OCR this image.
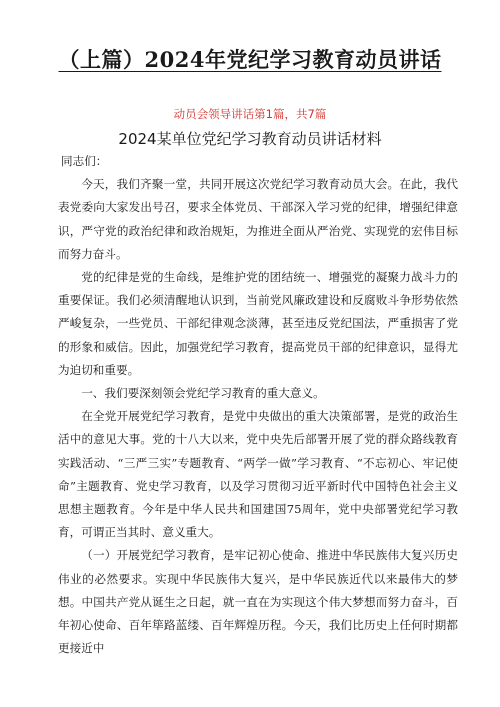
（上篇）2024年党纪学习教育动员讲话
动员会领导讲话第1篇，共7篇
2024某单位党纪学习教育动员讲话材料

同志们：

今天，我们齐聚一堂，共同开展这次党纪学习教育动员大会。在此，我代表党委向大家发出号召，要求全体党员、干部深入学习党的纪律，增强纪律意识，严守党的政治纪律和政治规矩，为推进全面从严治党、实现党的宏伟目标而努力奋斗。

党的纪律是党的生命线，是维护党的团结统一、增强党的凝聚力战斗力的重要保证。我们必须清醒地认识到，当前党风廉政建设和反腐败斗争形势依然严峻复杂，一些党员、干部纪律观念淡薄，甚至违反党纪国法，严重损害了党的形象和威信。因此，加强党纪学习教育，提高党员干部的纪律意识，显得尤为迫切和重要。

一、我们要深刻领会党纪学习教育的重大意义。

在全党开展党纪学习教育，是党中央做出的重大决策部署，是党的政治生活中的意见大事。党的十八大以来，党中央先后部署开展了党的群众路线教育实践活动、“三严三实”专题教育、“两学一做”学习教育、“不忘初心、牢记使命”主题教育、党史学习教育，以及学习贯彻习近平新时代中国特色社会主义思想主题教育。今年是中华人民共和国建国75周年，党中央部署党纪学习教育，可谓正当其时、意义重大。

（一）开展党纪学习教育，是牢记初心使命、推进中华民族伟大复兴历史伟业的必然要求。实现中华民族伟大复兴，是中华民族近代以来最伟大的梦想。中国共产党从诞生之日起，就一直在为实现这个伟大梦想而努力奋斗，百年初心使命、百年筚路蓝缕、百年辉煌历程。今天，我们比历史上任何时期都更接近中
